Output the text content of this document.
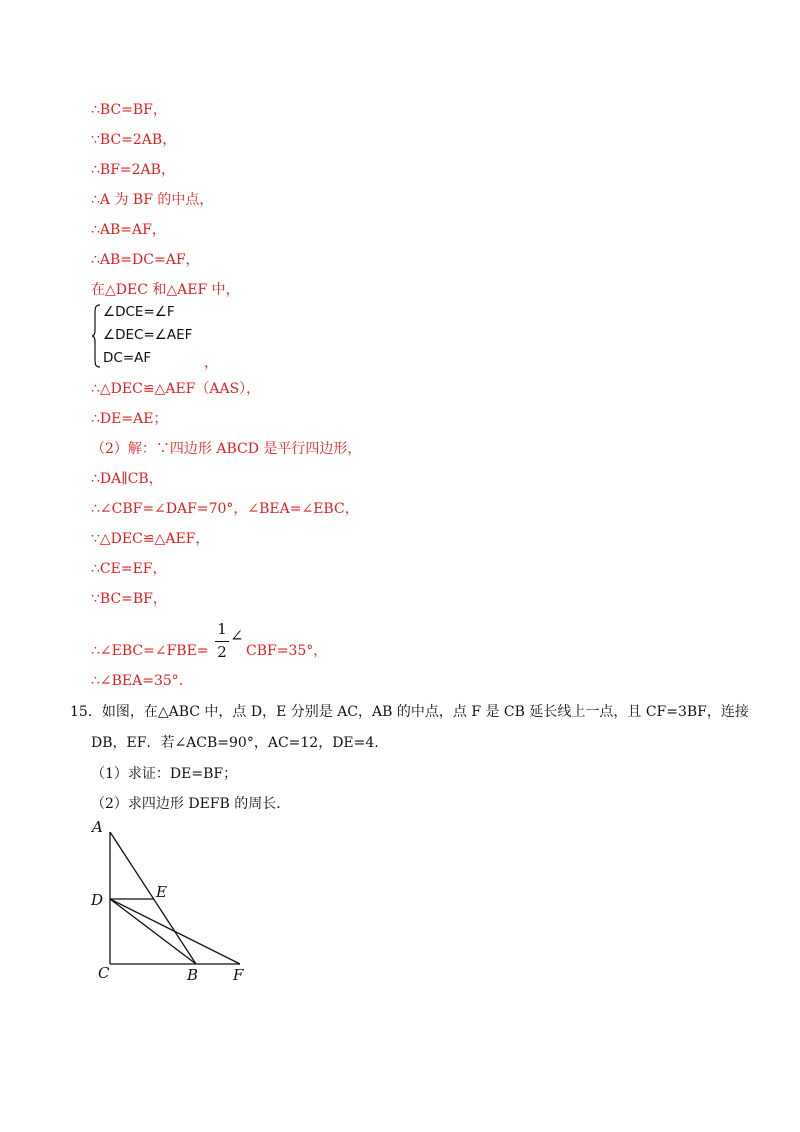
∴BC=BF，
∵BC=2AB，
∴BF=2AB，
∴A 为 BF 的中点，
∴AB=AF，
∴AB=DC=AF，
在△DEC 和△AEF 中，
∠DCE=∠F
∠DEC=∠AEF
DC=AF	，
∴△DEC≌△AEF（AAS），
∴DE=AE；
（2）解：∵四边形 ABCD 是平行四边形，
∴DA∥CB，
∴∠CBF=∠DAF=70°，∠BEA=∠EBC，
∵△DEC≌△AEF，
∴CE=EF，
∵BC=BF，
∴∠EBC=∠FBE=
1
2
∠
CBF=35°，
∴∠BEA=35°.
15．如图，在△ABC 中，点 D，E 分别是 AC，AB 的中点，点 F 是 CB 延长线上一点，且 CF=3BF，连接
DB，EF．若∠ACB=90°，AC=12，DE=4.
（1）求证：DE=BF；
（2）求四边形 DEFB 的周长．
A
D	E
C	B F
